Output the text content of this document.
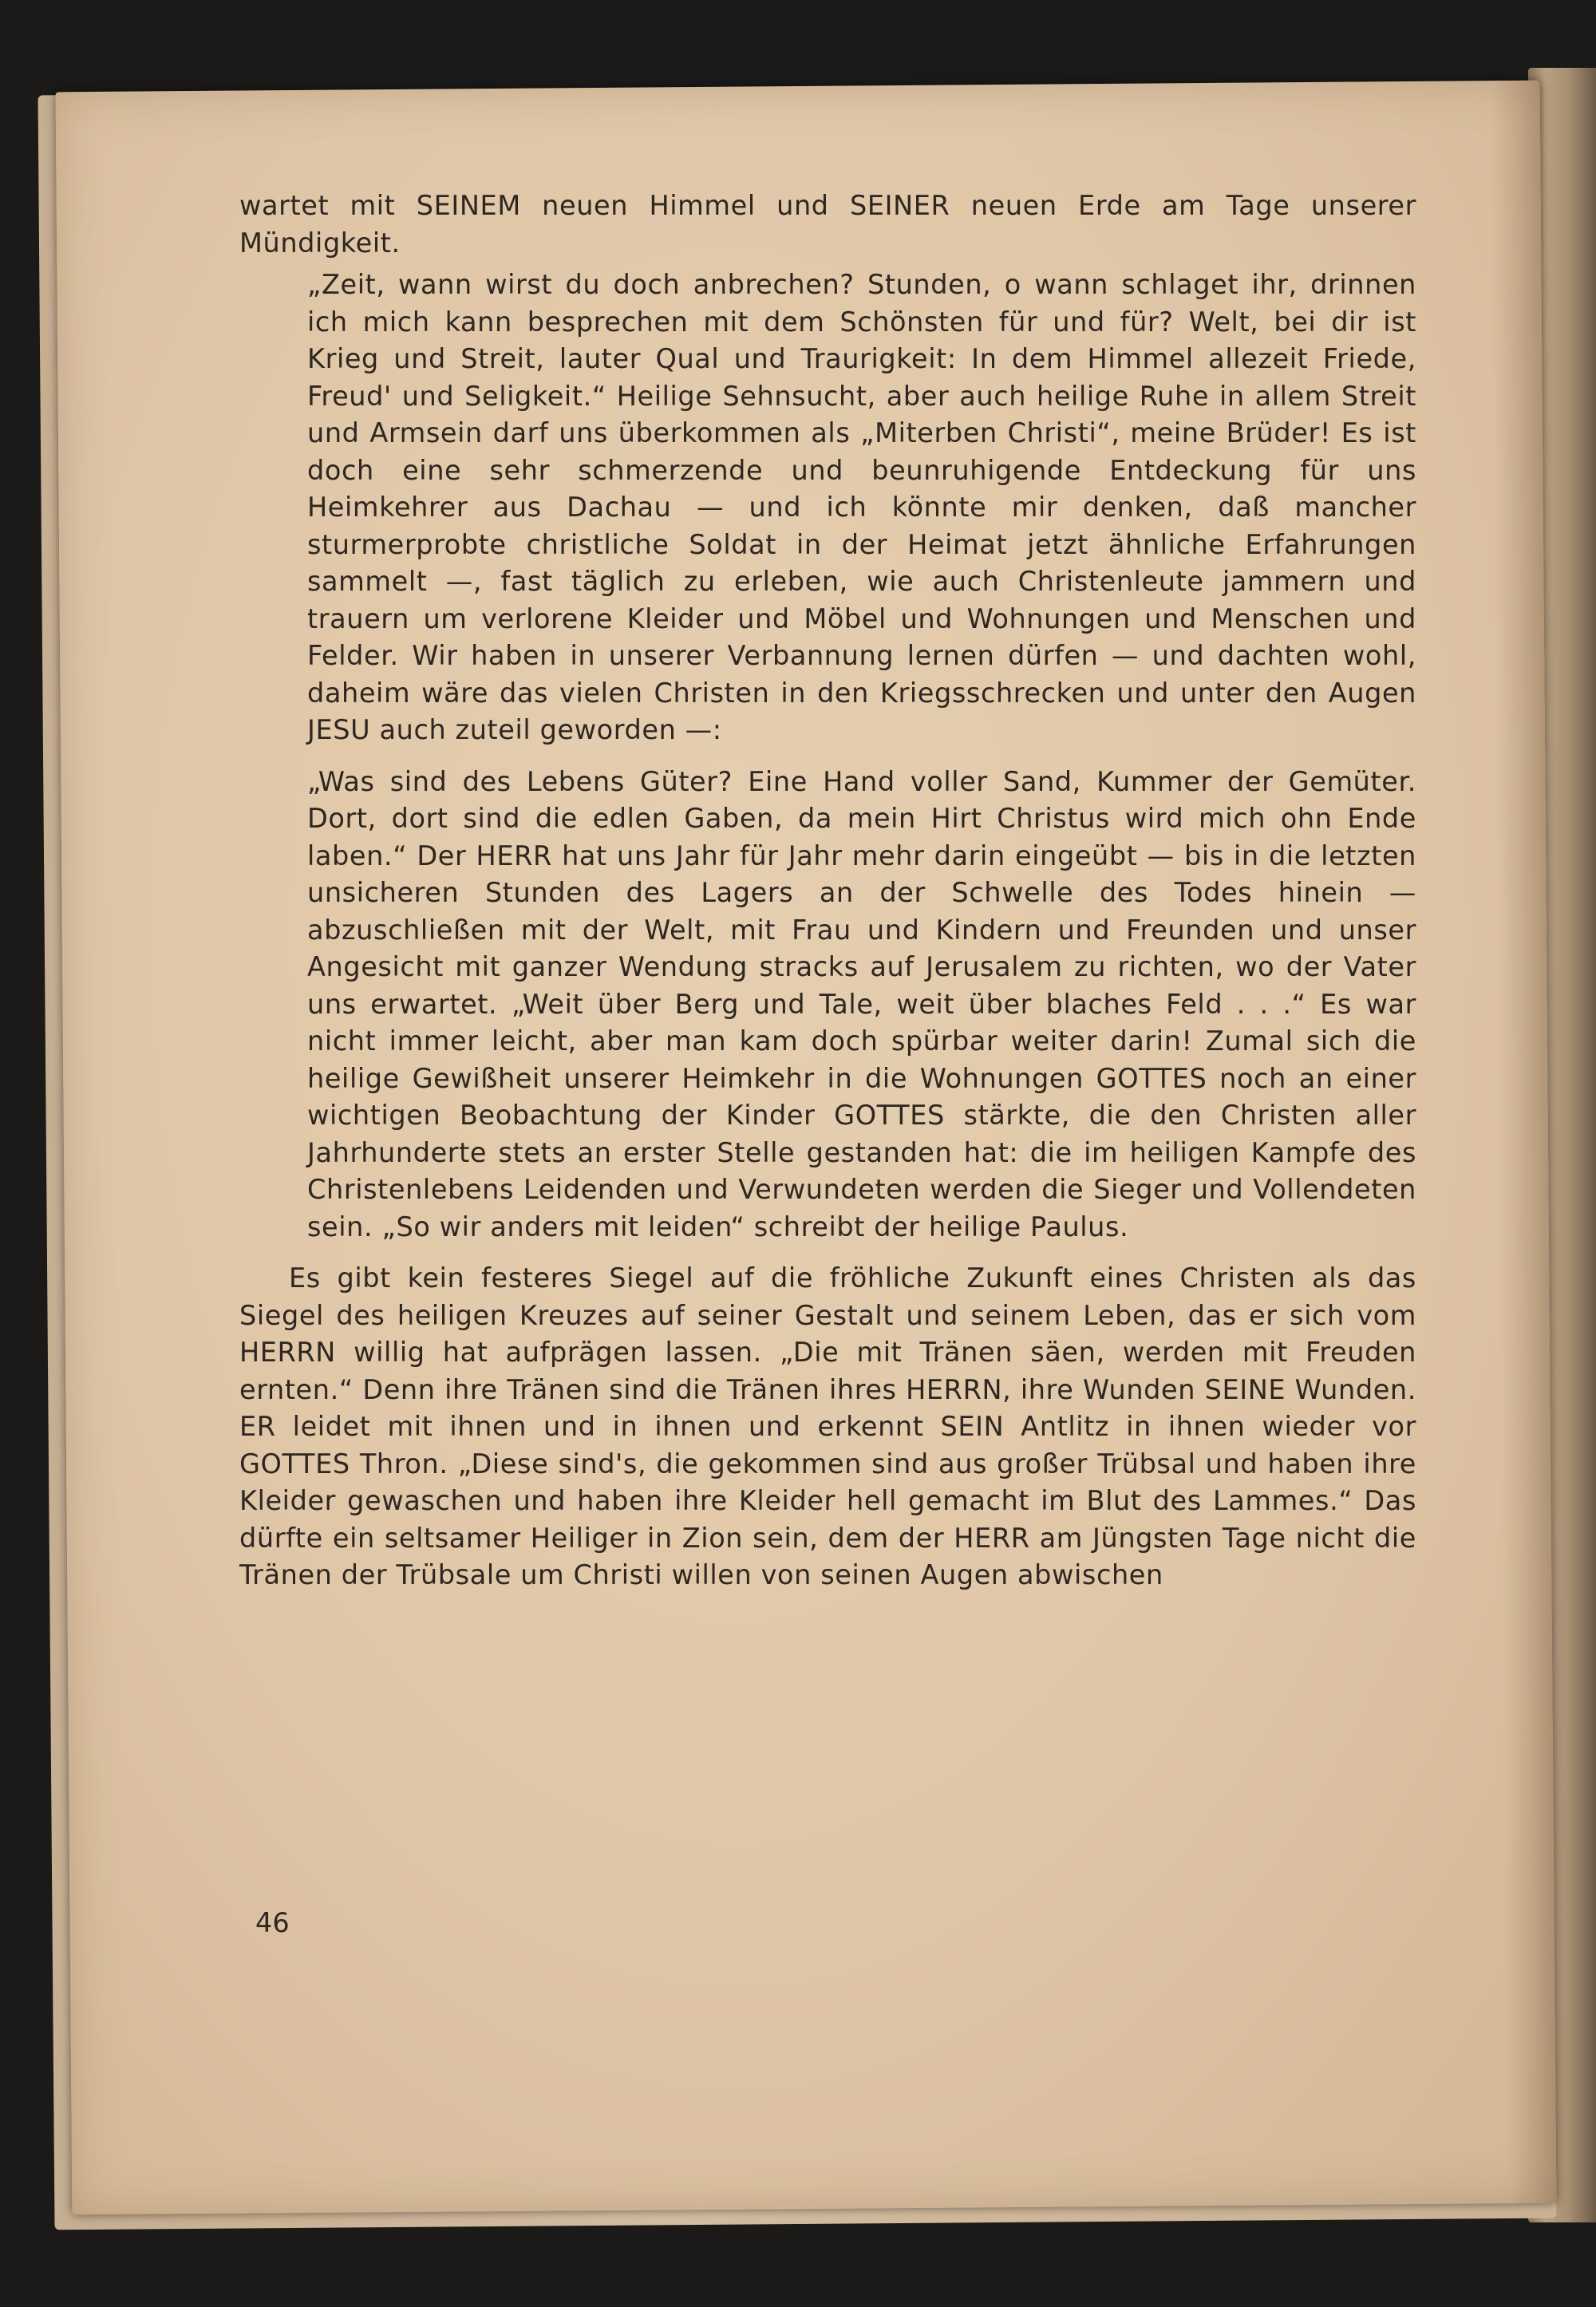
wartet mit SEINEM neuen Himmel und SEINER neuen Erde am Tage unserer Mündigkeit.

„Zeit, wann wirst du doch anbrechen? Stunden, o wann schlaget ihr, drinnen ich mich kann besprechen mit dem Schönsten für und für? Welt, bei dir ist Krieg und Streit, lauter Qual und Traurigkeit: In dem Himmel allezeit Friede, Freud' und Seligkeit.“ Heilige Sehnsucht, aber auch heilige Ruhe in allem Streit und Armsein darf uns überkommen als „Miterben Christi“, meine Brüder! Es ist doch eine sehr schmerzende und beunruhigende Entdeckung für uns Heimkehrer aus Dachau — und ich könnte mir denken, daß mancher sturmerprobte christliche Soldat in der Heimat jetzt ähnliche Erfahrungen sammelt —, fast täglich zu erleben, wie auch Christenleute jammern und trauern um verlorene Kleider und Möbel und Wohnungen und Menschen und Felder. Wir haben in unserer Verbannung lernen dürfen — und dachten wohl, daheim wäre das vielen Christen in den Kriegsschrecken und unter den Augen JESU auch zuteil geworden —:

„Was sind des Lebens Güter? Eine Hand voller Sand, Kummer der Gemüter. Dort, dort sind die edlen Gaben, da mein Hirt Christus wird mich ohn Ende laben.“ Der HERR hat uns Jahr für Jahr mehr darin eingeübt — bis in die letzten unsicheren Stunden des Lagers an der Schwelle des Todes hinein — abzuschließen mit der Welt, mit Frau und Kindern und Freunden und unser Angesicht mit ganzer Wendung stracks auf Jerusalem zu richten, wo der Vater uns erwartet. „Weit über Berg und Tale, weit über blaches Feld . . .“ Es war nicht immer leicht, aber man kam doch spürbar weiter darin! Zumal sich die heilige Gewißheit unserer Heimkehr in die Wohnungen GOTTES noch an einer wichtigen Beobachtung der Kinder GOTTES stärkte, die den Christen aller Jahrhunderte stets an erster Stelle gestanden hat: die im heiligen Kampfe des Christenlebens Leidenden und Verwundeten werden die Sieger und Vollendeten sein. „So wir anders mit leiden“ schreibt der heilige Paulus.

Es gibt kein festeres Siegel auf die fröhliche Zukunft eines Christen als das Siegel des heiligen Kreuzes auf seiner Gestalt und seinem Leben, das er sich vom HERRN willig hat aufprägen lassen. „Die mit Tränen säen, werden mit Freuden ernten.“ Denn ihre Tränen sind die Tränen ihres HERRN, ihre Wunden SEINE Wunden. ER leidet mit ihnen und in ihnen und erkennt SEIN Antlitz in ihnen wieder vor GOTTES Thron. „Diese sind's, die gekommen sind aus großer Trübsal und haben ihre Kleider gewaschen und haben ihre Kleider hell gemacht im Blut des Lammes.“ Das dürfte ein seltsamer Heiliger in Zion sein, dem der HERR am Jüngsten Tage nicht die Tränen der Trübsale um Christi willen von seinen Augen abwischen

46
